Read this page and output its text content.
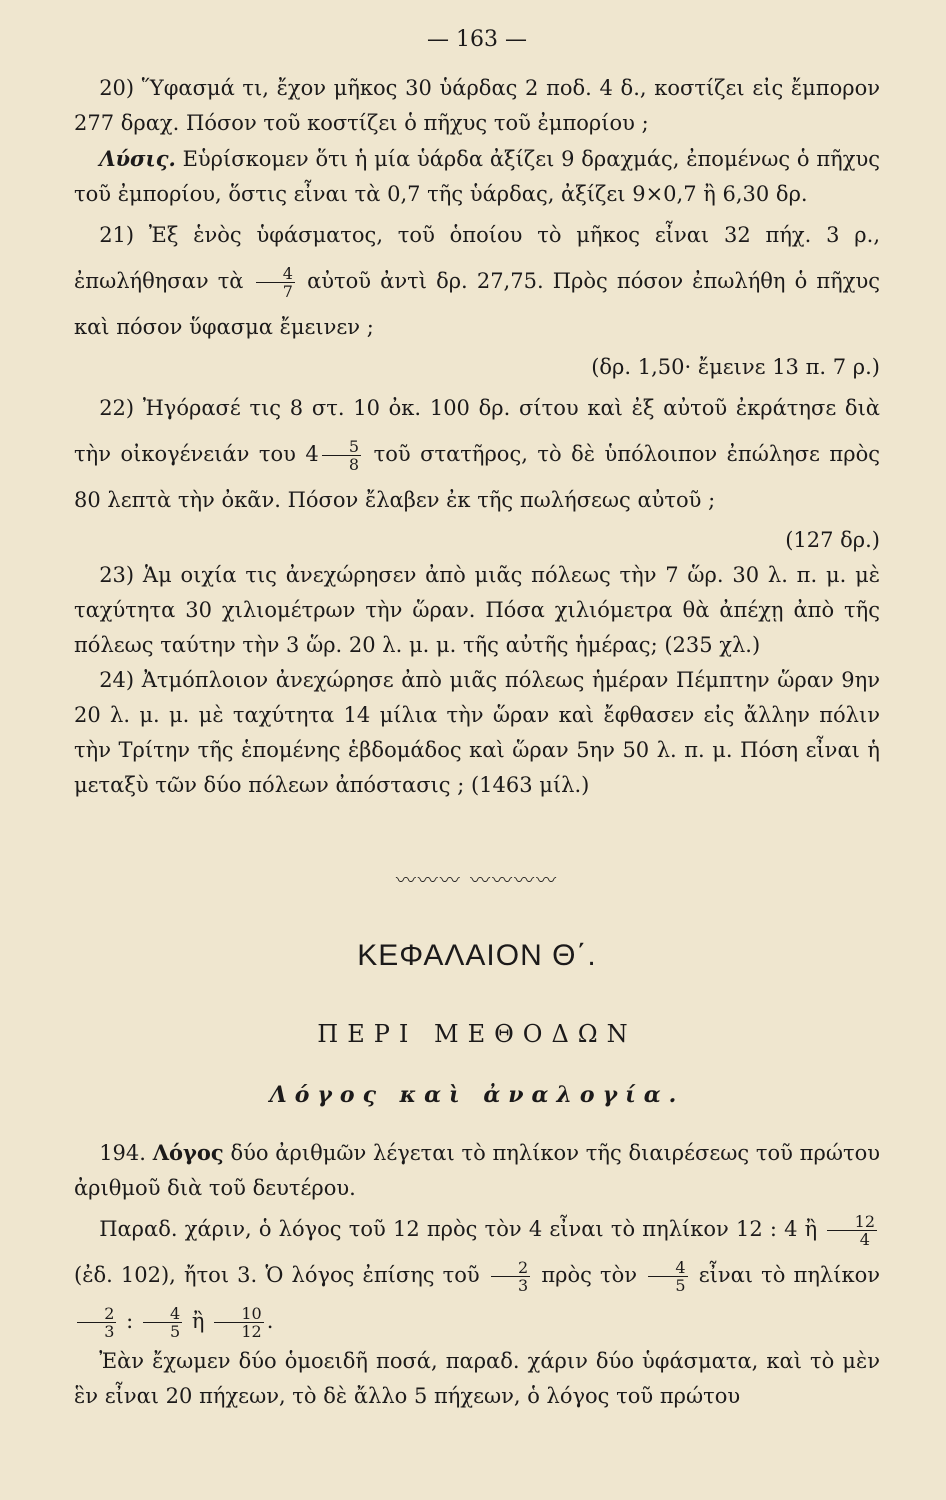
— 163 —

20) Ὕφασμά τι, ἔχον μῆκος 30 ὑάρδας 2 ποδ. 4 δ., κοστίζει εἰς ἔμπορον 277 δραχ. Πόσον τοῦ κοστίζει ὁ πῆχυς τοῦ ἐμπορίου ;

Λύσις. Εὑρίσκομεν ὅτι ἡ μία ὑάρδα ἀξίζει 9 δραχμάς, ἐπομένως ὁ πῆχυς τοῦ ἐμπορίου, ὅστις εἶναι τὰ 0,7 τῆς ὑάρδας, ἀξίζει 9×0,7 ἢ 6,30 δρ.

21) Ἐξ ἑνὸς ὑφάσματος, τοῦ ὁποίου τὸ μῆκος εἶναι 32 πήχ. 3 ρ., ἐπωλήθησαν τὰ $\frac{4}{7}$ αὐτοῦ ἀντὶ δρ. 27,75. Πρὸς πόσον ἐπωλήθη ὁ πῆχυς καὶ πόσον ὕφασμα ἔμεινεν ;

(δρ. 1,50· ἔμεινε 13 π. 7 ρ.)

22) Ἠγόρασέ τις 8 στ. 10 ὀκ. 100 δρ. σίτου καὶ ἐξ αὐτοῦ ἐκράτησε διὰ τὴν οἰκογένειάν του $4 \frac{5}{8}$ τοῦ στατῆρος, τὸ δὲ ὑπόλοιπον ἐπώλησε πρὸς 80 λεπτὰ τὴν ὀκᾶν. Πόσον ἔλαβεν ἐκ τῆς πωλήσεως αὐτοῦ ;

(127 δρ.)

23) Ἁμ οιχία τις ἀνεχώρησεν ἀπὸ μιᾶς πόλεως τὴν 7 ὥρ. 30 λ. π. μ. μὲ ταχύτητα 30 χιλιομέτρων τὴν ὥραν. Πόσα χιλιόμετρα θὰ ἀπέχῃ ἀπὸ τῆς πόλεως ταύτην τὴν 3 ὥρ. 20 λ. μ. μ. τῆς αὐτῆς ἡμέρας; (235 χλ.)

24) Ἀτμόπλοιον ἀνεχώρησε ἀπὸ μιᾶς πόλεως ἡμέραν Πέμπτην ὥραν 9ην 20 λ. μ. μ. μὲ ταχύτητα 14 μίλια τὴν ὥραν καὶ ἔφθασεν εἰς ἄλλην πόλιν τὴν Τρίτην τῆς ἑπομένης ἑβδομάδος καὶ ὥραν 5ην 50 λ. π. μ. Πόση εἶναι ἡ μεταξὺ τῶν δύο πόλεων ἀπόστασις ; (1463 μίλ.)

〰〰〰 〰〰〰〰
ΚΕΦΑΛΑΙΟΝ Θ΄.
ΠΕΡΙ ΜΕΘΟΔΩΝ
Λόγος καὶ ἀναλογία.

194. Λόγος δύο ἀριθμῶν λέγεται τὸ πηλίκον τῆς διαιρέσεως τοῦ πρώτου ἀριθμοῦ διὰ τοῦ δευτέρου.

Παραδ. χάριν, ὁ λόγος τοῦ 12 πρὸς τὸν 4 εἶναι τὸ πηλίκον 12 : 4 ἢ $\frac{12}{4}$
(ἐδ. 102), ἤτοι 3. Ὁ λόγος ἐπίσης τοῦ $\frac{2}{3}$ πρὸς τὸν $\frac{4}{5}$ εἶναι τὸ πηλίκον
$\frac{2}{3}$ : $\frac{4}{5}$ ἢ $\frac{10}{12}$ .

Ἐὰν ἔχωμεν δύο ὁμοειδῆ ποσά, παραδ. χάριν δύο ὑφάσματα, καὶ τὸ μὲν ἓν εἶναι 20 πήχεων, τὸ δὲ ἄλλο 5 πήχεων, ὁ λόγος τοῦ πρώτου
